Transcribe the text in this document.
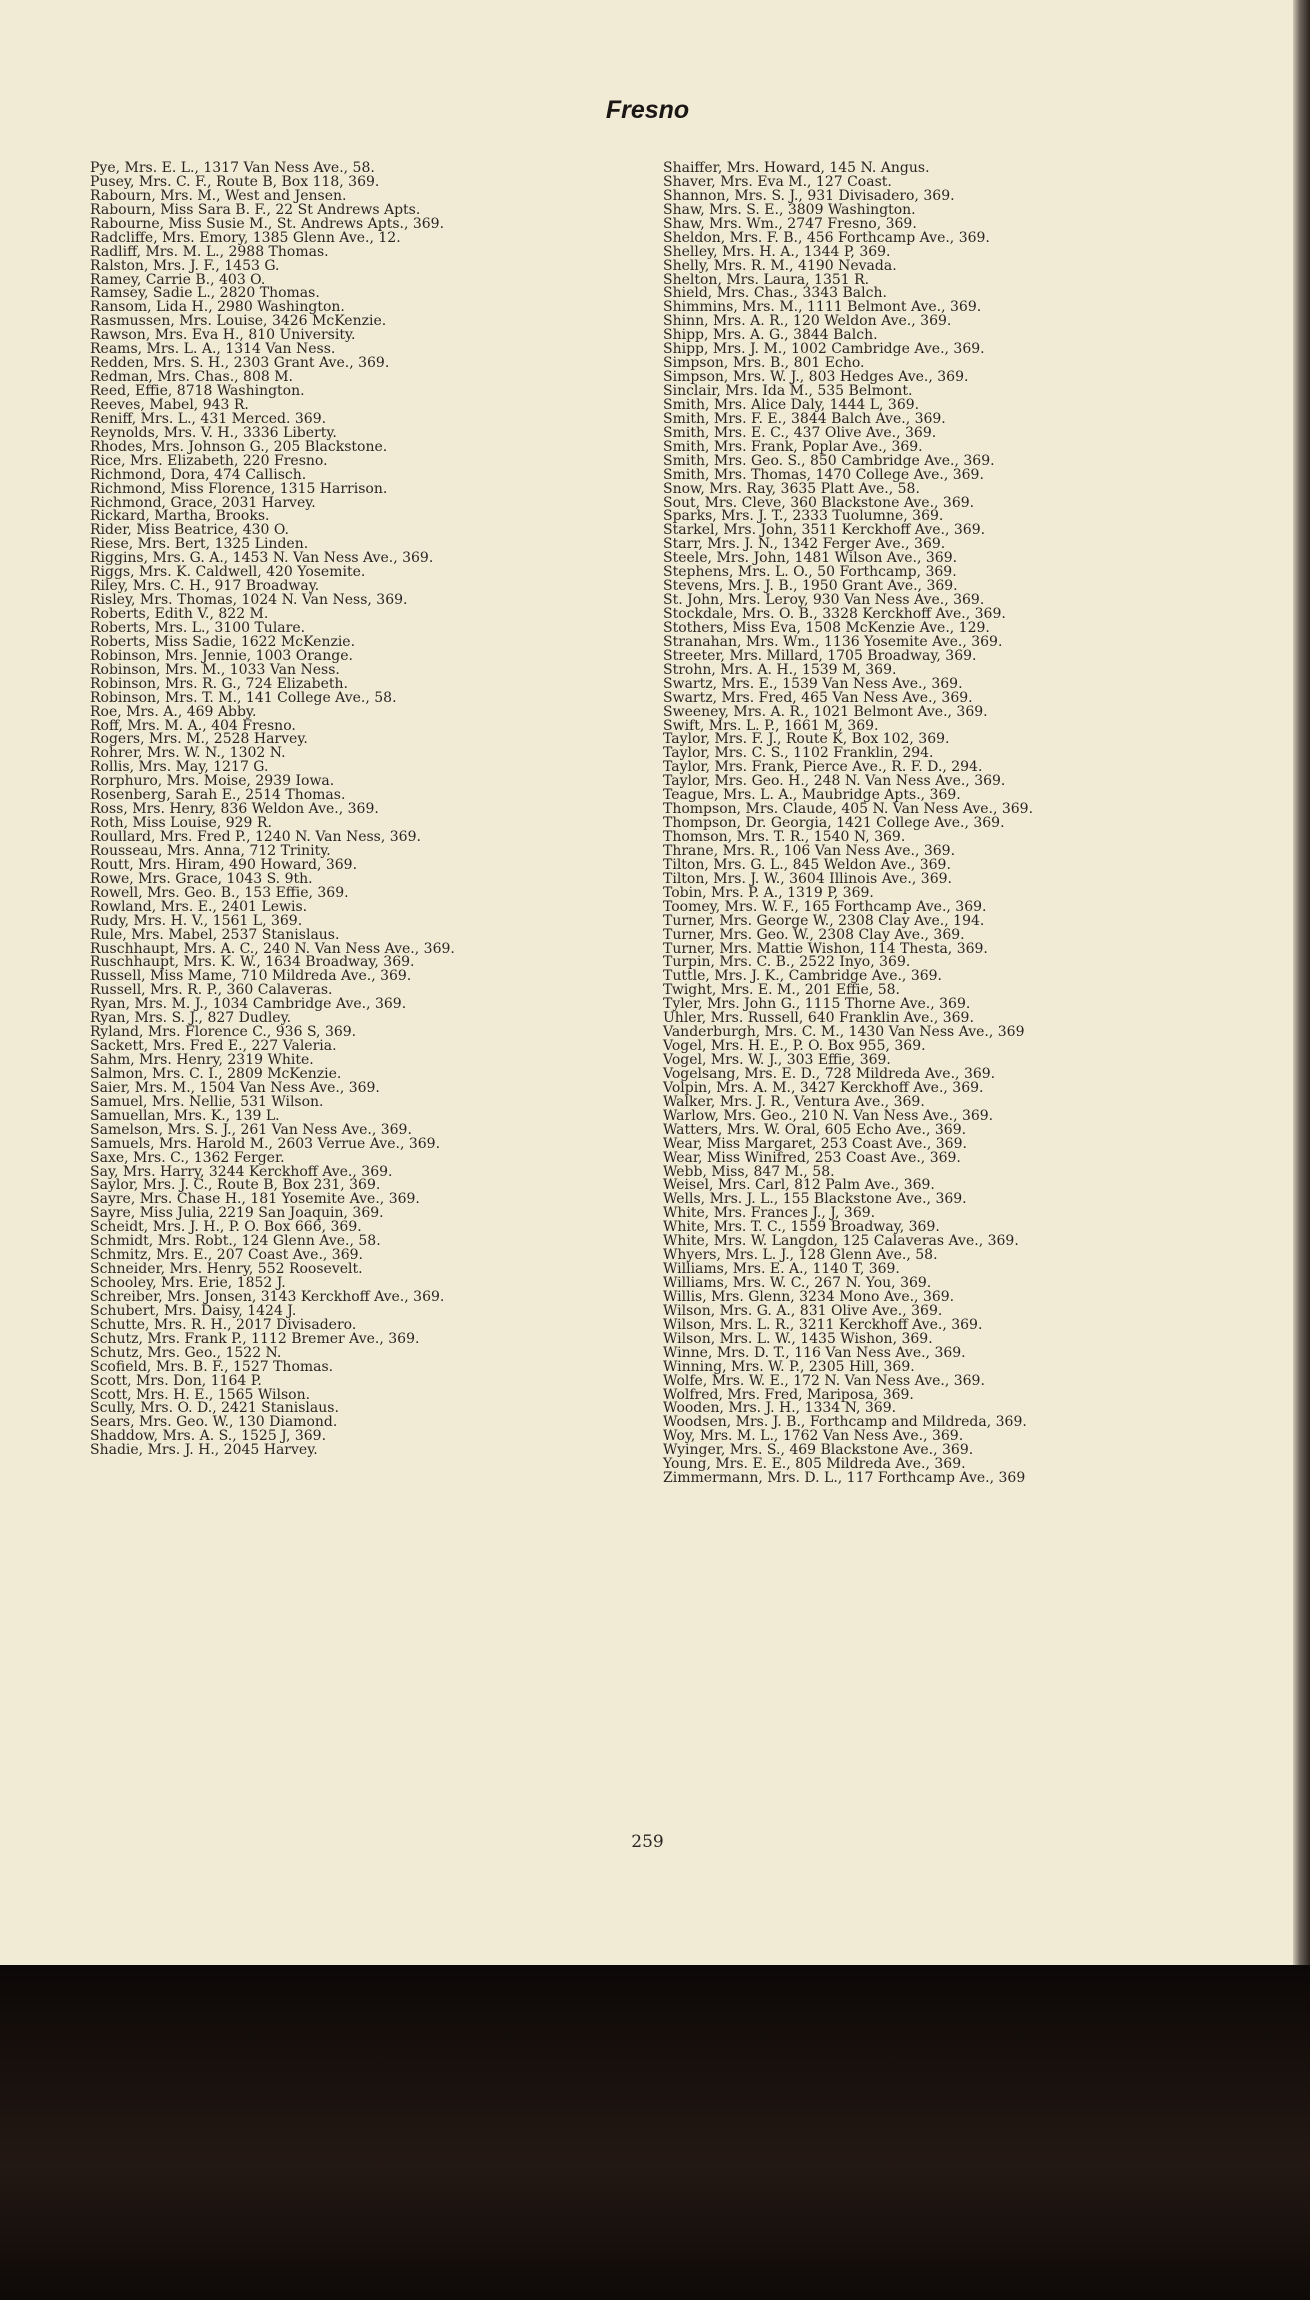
Fresno
Pye, Mrs. E. L., 1317 Van Ness Ave., 58.
Pusey, Mrs. C. F., Route B, Box 118, 369.
Rabourn, Mrs. M., West and Jensen.
Rabourn, Miss Sara B. F., 22 St Andrews Apts.
Rabourne, Miss Susie M., St. Andrews Apts., 369.
Radcliffe, Mrs. Emory, 1385 Glenn Ave., 12.
Radliff, Mrs. M. L., 2988 Thomas.
Ralston, Mrs. J. F., 1453 G.
Ramey, Carrie B., 403 O.
Ramsey, Sadie L., 2820 Thomas.
Ransom, Lida H., 2980 Washington.
Rasmussen, Mrs. Louise, 3426 McKenzie.
Rawson, Mrs. Eva H., 810 University.
Reams, Mrs. L. A., 1314 Van Ness.
Redden, Mrs. S. H., 2303 Grant Ave., 369.
Redman, Mrs. Chas., 808 M.
Reed, Effie, 8718 Washington.
Reeves, Mabel, 943 R.
Reniff, Mrs. L., 431 Merced. 369.
Reynolds, Mrs. V. H., 3336 Liberty.
Rhodes, Mrs. Johnson G., 205 Blackstone.
Rice, Mrs. Elizabeth, 220 Fresno.
Richmond, Dora, 474 Callisch.
Richmond, Miss Florence, 1315 Harrison.
Richmond, Grace, 2031 Harvey.
Rickard, Martha, Brooks.
Rider, Miss Beatrice, 430 O.
Riese, Mrs. Bert, 1325 Linden.
Riggins, Mrs. G. A., 1453 N. Van Ness Ave., 369.
Riggs, Mrs. K. Caldwell, 420 Yosemite.
Riley, Mrs. C. H., 917 Broadway.
Risley, Mrs. Thomas, 1024 N. Van Ness, 369.
Roberts, Edith V., 822 M.
Roberts, Mrs. L., 3100 Tulare.
Roberts, Miss Sadie, 1622 McKenzie.
Robinson, Mrs. Jennie, 1003 Orange.
Robinson, Mrs. M., 1033 Van Ness.
Robinson, Mrs. R. G., 724 Elizabeth.
Robinson, Mrs. T. M., 141 College Ave., 58.
Roe, Mrs. A., 469 Abby.
Roff, Mrs. M. A., 404 Fresno.
Rogers, Mrs. M., 2528 Harvey.
Rohrer, Mrs. W. N., 1302 N.
Rollis, Mrs. May, 1217 G.
Rorphuro, Mrs. Moise, 2939 Iowa.
Rosenberg, Sarah E., 2514 Thomas.
Ross, Mrs. Henry, 836 Weldon Ave., 369.
Roth, Miss Louise, 929 R.
Roullard, Mrs. Fred P., 1240 N. Van Ness, 369.
Rousseau, Mrs. Anna, 712 Trinity.
Routt, Mrs. Hiram, 490 Howard, 369.
Rowe, Mrs. Grace, 1043 S. 9th.
Rowell, Mrs. Geo. B., 153 Effie, 369.
Rowland, Mrs. E., 2401 Lewis.
Rudy, Mrs. H. V., 1561 L, 369.
Rule, Mrs. Mabel, 2537 Stanislaus.
Ruschhaupt, Mrs. A. C., 240 N. Van Ness Ave., 369.
Ruschhaupt, Mrs. K. W., 1634 Broadway, 369.
Russell, Miss Mame, 710 Mildreda Ave., 369.
Russell, Mrs. R. P., 360 Calaveras.
Ryan, Mrs. M. J., 1034 Cambridge Ave., 369.
Ryan, Mrs. S. J., 827 Dudley.
Ryland, Mrs. Florence C., 936 S, 369.
Sackett, Mrs. Fred E., 227 Valeria.
Sahm, Mrs. Henry, 2319 White.
Salmon, Mrs. C. I., 2809 McKenzie.
Saier, Mrs. M., 1504 Van Ness Ave., 369.
Samuel, Mrs. Nellie, 531 Wilson.
Samuellan, Mrs. K., 139 L.
Samelson, Mrs. S. J., 261 Van Ness Ave., 369.
Samuels, Mrs. Harold M., 2603 Verrue Ave., 369.
Saxe, Mrs. C., 1362 Ferger.
Say, Mrs. Harry, 3244 Kerckhoff Ave., 369.
Saylor, Mrs. J. C., Route B, Box 231, 369.
Sayre, Mrs. Chase H., 181 Yosemite Ave., 369.
Sayre, Miss Julia, 2219 San Joaquin, 369.
Scheidt, Mrs. J. H., P. O. Box 666, 369.
Schmidt, Mrs. Robt., 124 Glenn Ave., 58.
Schmitz, Mrs. E., 207 Coast Ave., 369.
Schneider, Mrs. Henry, 552 Roosevelt.
Schooley, Mrs. Erie, 1852 J.
Schreiber, Mrs. Jonsen, 3143 Kerckhoff Ave., 369.
Schubert, Mrs. Daisy, 1424 J.
Schutte, Mrs. R. H., 2017 Divisadero.
Schutz, Mrs. Frank P., 1112 Bremer Ave., 369.
Schutz, Mrs. Geo., 1522 N.
Scofield, Mrs. B. F., 1527 Thomas.
Scott, Mrs. Don, 1164 P.
Scott, Mrs. H. E., 1565 Wilson.
Scully, Mrs. O. D., 2421 Stanislaus.
Sears, Mrs. Geo. W., 130 Diamond.
Shaddow, Mrs. A. S., 1525 J, 369.
Shadie, Mrs. J. H., 2045 Harvey.
Shaiffer, Mrs. Howard, 145 N. Angus.
Shaver, Mrs. Eva M., 127 Coast.
Shannon, Mrs. S. J., 931 Divisadero, 369.
Shaw, Mrs. S. E., 3809 Washington.
Shaw, Mrs. Wm., 2747 Fresno, 369.
Sheldon, Mrs. F. B., 456 Forthcamp Ave., 369.
Shelley, Mrs. H. A., 1344 P, 369.
Shelly, Mrs. R. M., 4190 Nevada.
Shelton, Mrs. Laura, 1351 R.
Shield, Mrs. Chas., 3343 Balch.
Shimmins, Mrs. M., 1111 Belmont Ave., 369.
Shinn, Mrs. A. R., 120 Weldon Ave., 369.
Shipp, Mrs. A. G., 3844 Balch.
Shipp, Mrs. J. M., 1002 Cambridge Ave., 369.
Simpson, Mrs. B., 801 Echo.
Simpson, Mrs. W. J., 803 Hedges Ave., 369.
Sinclair, Mrs. Ida M., 535 Belmont.
Smith, Mrs. Alice Daly, 1444 L, 369.
Smith, Mrs. F. E., 3844 Balch Ave., 369.
Smith, Mrs. E. C., 437 Olive Ave., 369.
Smith, Mrs. Frank, Poplar Ave., 369.
Smith, Mrs. Geo. S., 850 Cambridge Ave., 369.
Smith, Mrs. Thomas, 1470 College Ave., 369.
Snow, Mrs. Ray, 3635 Platt Ave., 58.
Sout, Mrs. Cleve, 360 Blackstone Ave., 369.
Sparks, Mrs. J. T., 2333 Tuolumne, 369.
Starkel, Mrs. John, 3511 Kerckhoff Ave., 369.
Starr, Mrs. J. N., 1342 Ferger Ave., 369.
Steele, Mrs. John, 1481 Wilson Ave., 369.
Stephens, Mrs. L. O., 50 Forthcamp, 369.
Stevens, Mrs. J. B., 1950 Grant Ave., 369.
St. John, Mrs. Leroy, 930 Van Ness Ave., 369.
Stockdale, Mrs. O. B., 3328 Kerckhoff Ave., 369.
Stothers, Miss Eva, 1508 McKenzie Ave., 129.
Stranahan, Mrs. Wm., 1136 Yosemite Ave., 369.
Streeter, Mrs. Millard, 1705 Broadway, 369.
Strohn, Mrs. A. H., 1539 M, 369.
Swartz, Mrs. E., 1539 Van Ness Ave., 369.
Swartz, Mrs. Fred, 465 Van Ness Ave., 369.
Sweeney, Mrs. A. R., 1021 Belmont Ave., 369.
Swift, Mrs. L. P., 1661 M, 369.
Taylor, Mrs. F. J., Route K, Box 102, 369.
Taylor, Mrs. C. S., 1102 Franklin, 294.
Taylor, Mrs. Frank, Pierce Ave., R. F. D., 294.
Taylor, Mrs. Geo. H., 248 N. Van Ness Ave., 369.
Teague, Mrs. L. A., Maubridge Apts., 369.
Thompson, Mrs. Claude, 405 N. Van Ness Ave., 369.
Thompson, Dr. Georgia, 1421 College Ave., 369.
Thomson, Mrs. T. R., 1540 N, 369.
Thrane, Mrs. R., 106 Van Ness Ave., 369.
Tilton, Mrs. G. L., 845 Weldon Ave., 369.
Tilton, Mrs. J. W., 3604 Illinois Ave., 369.
Tobin, Mrs. P. A., 1319 P, 369.
Toomey, Mrs. W. F., 165 Forthcamp Ave., 369.
Turner, Mrs. George W., 2308 Clay Ave., 194.
Turner, Mrs. Geo. W., 2308 Clay Ave., 369.
Turner, Mrs. Mattie Wishon, 114 Thesta, 369.
Turpin, Mrs. C. B., 2522 Inyo, 369.
Tuttle, Mrs. J. K., Cambridge Ave., 369.
Twight, Mrs. E. M., 201 Effie, 58.
Tyler, Mrs. John G., 1115 Thorne Ave., 369.
Uhler, Mrs. Russell, 640 Franklin Ave., 369.
Vanderburgh, Mrs. C. M., 1430 Van Ness Ave., 369
Vogel, Mrs. H. E., P. O. Box 955, 369.
Vogel, Mrs. W. J., 303 Effie, 369.
Vogelsang, Mrs. E. D., 728 Mildreda Ave., 369.
Volpin, Mrs. A. M., 3427 Kerckhoff Ave., 369.
Walker, Mrs. J. R., Ventura Ave., 369.
Warlow, Mrs. Geo., 210 N. Van Ness Ave., 369.
Watters, Mrs. W. Oral, 605 Echo Ave., 369.
Wear, Miss Margaret, 253 Coast Ave., 369.
Wear, Miss Winifred, 253 Coast Ave., 369.
Webb, Miss, 847 M., 58.
Weisel, Mrs. Carl, 812 Palm Ave., 369.
Wells, Mrs. J. L., 155 Blackstone Ave., 369.
White, Mrs. Frances J., J, 369.
White, Mrs. T. C., 1559 Broadway, 369.
White, Mrs. W. Langdon, 125 Calaveras Ave., 369.
Whyers, Mrs. L. J., 128 Glenn Ave., 58.
Williams, Mrs. E. A., 1140 T, 369.
Williams, Mrs. W. C., 267 N. You, 369.
Willis, Mrs. Glenn, 3234 Mono Ave., 369.
Wilson, Mrs. G. A., 831 Olive Ave., 369.
Wilson, Mrs. L. R., 3211 Kerckhoff Ave., 369.
Wilson, Mrs. L. W., 1435 Wishon, 369.
Winne, Mrs. D. T., 116 Van Ness Ave., 369.
Winning, Mrs. W. P., 2305 Hill, 369.
Wolfe, Mrs. W. E., 172 N. Van Ness Ave., 369.
Wolfred, Mrs. Fred, Mariposa, 369.
Wooden, Mrs. J. H., 1334 N, 369.
Woodsen, Mrs. J. B., Forthcamp and Mildreda, 369.
Woy, Mrs. M. L., 1762 Van Ness Ave., 369.
Wyinger, Mrs. S., 469 Blackstone Ave., 369.
Young, Mrs. E. E., 805 Mildreda Ave., 369.
Zimmermann, Mrs. D. L., 117 Forthcamp Ave., 369
259
